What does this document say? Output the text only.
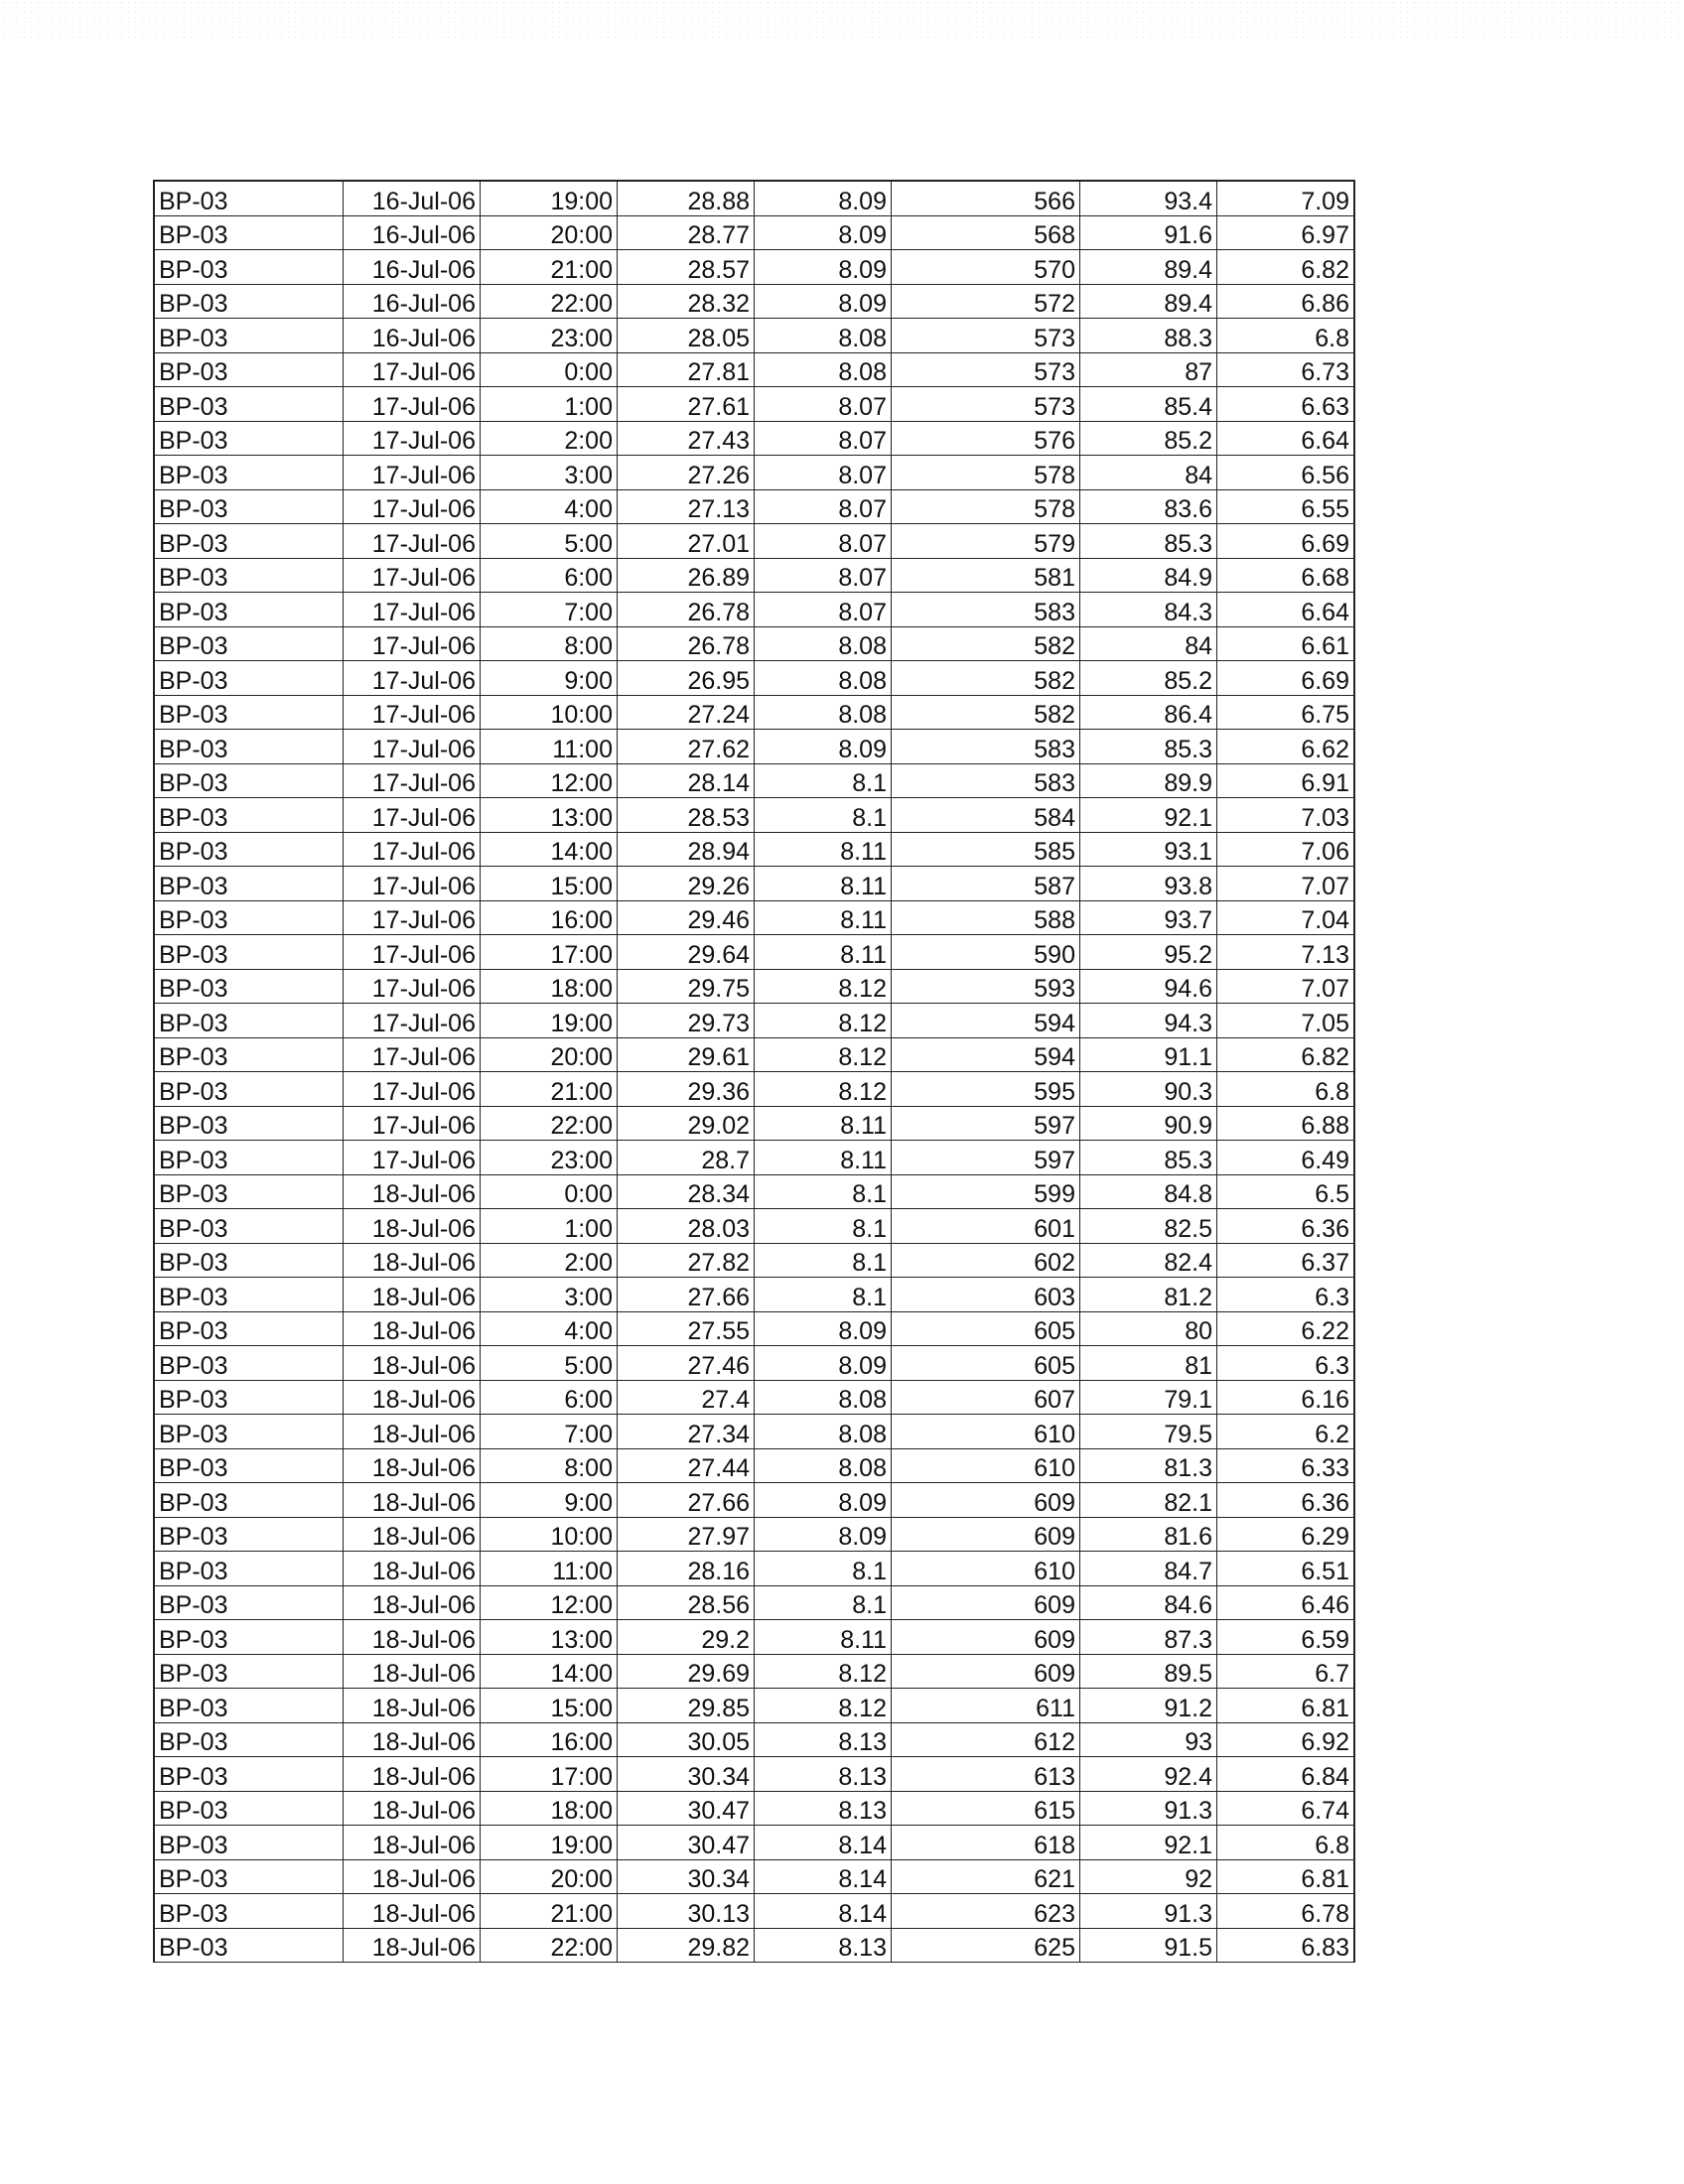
BP-03	16-Jul-06	19:00	28.88	8.09	566	93.4	7.09
BP-03	16-Jul-06	20:00	28.77	8.09	568	91.6	6.97
BP-03	16-Jul-06	21:00	28.57	8.09	570	89.4	6.82
BP-03	16-Jul-06	22:00	28.32	8.09	572	89.4	6.86
BP-03	16-Jul-06	23:00	28.05	8.08	573	88.3	6.8
BP-03	17-Jul-06	0:00	27.81	8.08	573	87	6.73
BP-03	17-Jul-06	1:00	27.61	8.07	573	85.4	6.63
BP-03	17-Jul-06	2:00	27.43	8.07	576	85.2	6.64
BP-03	17-Jul-06	3:00	27.26	8.07	578	84	6.56
BP-03	17-Jul-06	4:00	27.13	8.07	578	83.6	6.55
BP-03	17-Jul-06	5:00	27.01	8.07	579	85.3	6.69
BP-03	17-Jul-06	6:00	26.89	8.07	581	84.9	6.68
BP-03	17-Jul-06	7:00	26.78	8.07	583	84.3	6.64
BP-03	17-Jul-06	8:00	26.78	8.08	582	84	6.61
BP-03	17-Jul-06	9:00	26.95	8.08	582	85.2	6.69
BP-03	17-Jul-06	10:00	27.24	8.08	582	86.4	6.75
BP-03	17-Jul-06	11:00	27.62	8.09	583	85.3	6.62
BP-03	17-Jul-06	12:00	28.14	8.1	583	89.9	6.91
BP-03	17-Jul-06	13:00	28.53	8.1	584	92.1	7.03
BP-03	17-Jul-06	14:00	28.94	8.11	585	93.1	7.06
BP-03	17-Jul-06	15:00	29.26	8.11	587	93.8	7.07
BP-03	17-Jul-06	16:00	29.46	8.11	588	93.7	7.04
BP-03	17-Jul-06	17:00	29.64	8.11	590	95.2	7.13
BP-03	17-Jul-06	18:00	29.75	8.12	593	94.6	7.07
BP-03	17-Jul-06	19:00	29.73	8.12	594	94.3	7.05
BP-03	17-Jul-06	20:00	29.61	8.12	594	91.1	6.82
BP-03	17-Jul-06	21:00	29.36	8.12	595	90.3	6.8
BP-03	17-Jul-06	22:00	29.02	8.11	597	90.9	6.88
BP-03	17-Jul-06	23:00	28.7	8.11	597	85.3	6.49
BP-03	18-Jul-06	0:00	28.34	8.1	599	84.8	6.5
BP-03	18-Jul-06	1:00	28.03	8.1	601	82.5	6.36
BP-03	18-Jul-06	2:00	27.82	8.1	602	82.4	6.37
BP-03	18-Jul-06	3:00	27.66	8.1	603	81.2	6.3
BP-03	18-Jul-06	4:00	27.55	8.09	605	80	6.22
BP-03	18-Jul-06	5:00	27.46	8.09	605	81	6.3
BP-03	18-Jul-06	6:00	27.4	8.08	607	79.1	6.16
BP-03	18-Jul-06	7:00	27.34	8.08	610	79.5	6.2
BP-03	18-Jul-06	8:00	27.44	8.08	610	81.3	6.33
BP-03	18-Jul-06	9:00	27.66	8.09	609	82.1	6.36
BP-03	18-Jul-06	10:00	27.97	8.09	609	81.6	6.29
BP-03	18-Jul-06	11:00	28.16	8.1	610	84.7	6.51
BP-03	18-Jul-06	12:00	28.56	8.1	609	84.6	6.46
BP-03	18-Jul-06	13:00	29.2	8.11	609	87.3	6.59
BP-03	18-Jul-06	14:00	29.69	8.12	609	89.5	6.7
BP-03	18-Jul-06	15:00	29.85	8.12	611	91.2	6.81
BP-03	18-Jul-06	16:00	30.05	8.13	612	93	6.92
BP-03	18-Jul-06	17:00	30.34	8.13	613	92.4	6.84
BP-03	18-Jul-06	18:00	30.47	8.13	615	91.3	6.74
BP-03	18-Jul-06	19:00	30.47	8.14	618	92.1	6.8
BP-03	18-Jul-06	20:00	30.34	8.14	621	92	6.81
BP-03	18-Jul-06	21:00	30.13	8.14	623	91.3	6.78
BP-03	18-Jul-06	22:00	29.82	8.13	625	91.5	6.83
